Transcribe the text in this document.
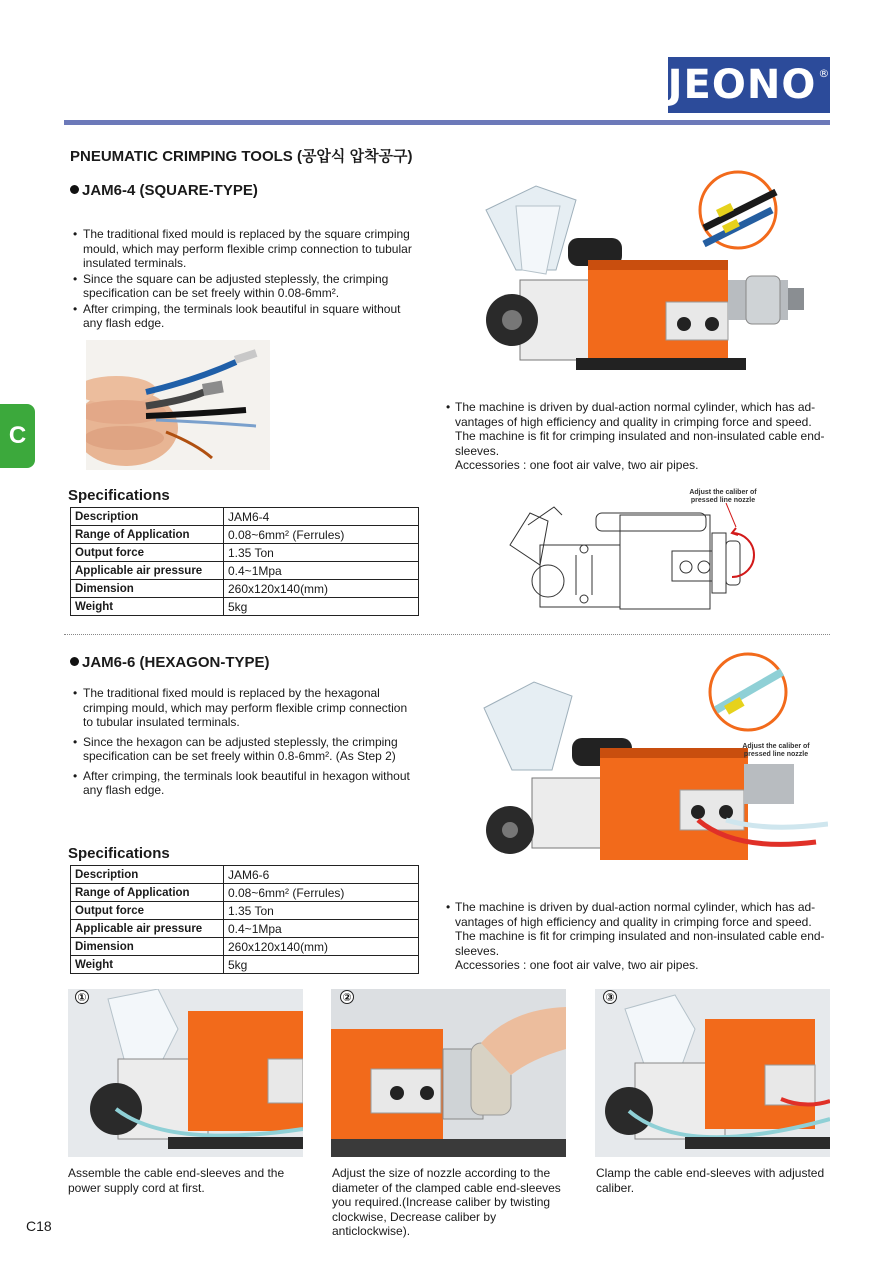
JEONO®
PNEUMATIC CRIMPING TOOLS (공압식 압착공구)
C
JAM6-4 (SQUARE-TYPE)
• The traditional fixed mould is replaced by the square crimping mould, which may perform flexible crimp connection to tubular insulated terminals.
• Since the square can be adjusted steplessly, the crimping specification can be set freely within 0.08-6mm².
• After crimping, the terminals look beautiful in square without any flash edge.
• The machine is driven by dual-action normal cylinder, which has ad-vantages of high efficiency and quality in crimping force and speed. The machine is fit for crimping insulated and non-insulated cable end-sleeves.
Accessories : one foot air valve, two air pipes.
Specifications
Description	JAM6-4
Range of Application	0.08~6mm² (Ferrules)
Output force	1.35 Ton
Applicable air pressure	0.4~1Mpa
Dimension	260x120x140(mm)
Weight	5kg
Adjust the caliber of pressed line nozzle
JAM6-6 (HEXAGON-TYPE)
• The traditional fixed mould is replaced by the hexagonal crimping mould, which may perform flexible crimp connection to tubular insulated terminals.
• Since the hexagon can be adjusted steplessly, the crimping specification can be set freely within 0.8-6mm². (As Step 2)
• After crimping, the terminals look beautiful in hexagon without any flash edge.
Adjust the caliber of pressed line nozzle
Specifications
Description	JAM6-6
Range of Application	0.08~6mm² (Ferrules)
Output force	1.35 Ton
Applicable air pressure	0.4~1Mpa
Dimension	260x120x140(mm)
Weight	5kg
• The machine is driven by dual-action normal cylinder, which has ad-vantages of high efficiency and quality in crimping force and speed. The machine is fit for crimping insulated and non-insulated cable end-sleeves.
Accessories : one foot air valve, two air pipes.
①
Assemble the cable end-sleeves and the power supply cord at first.
②
Adjust the size of nozzle according to the diameter of the clamped cable end-sleeves you required.(Increase caliber by twisting clockwise, Decrease caliber by anticlockwise).
③
Clamp the cable end-sleeves with adjusted caliber.
C18
